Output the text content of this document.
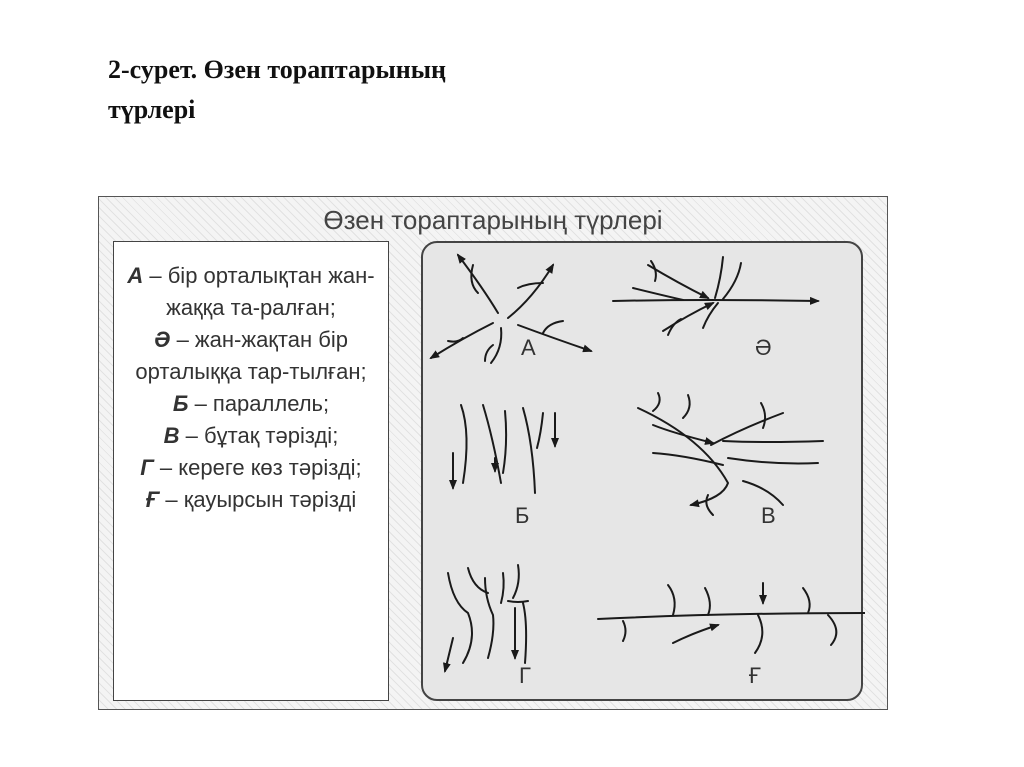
2-сурет. Өзен тораптарының
түрлері
Өзен тораптарының түрлері
А – бір орталықтан жан-жаққа та-ралған;
Ә – жан-жақтан бір орталыққа тар-тылған;
Б – параллель;
В – бұтақ тәрізді;
Г – кереге көз тәрізді;
Ғ – қауырсын тәрізді
А	Ә
Б	В
Г	Ғ
